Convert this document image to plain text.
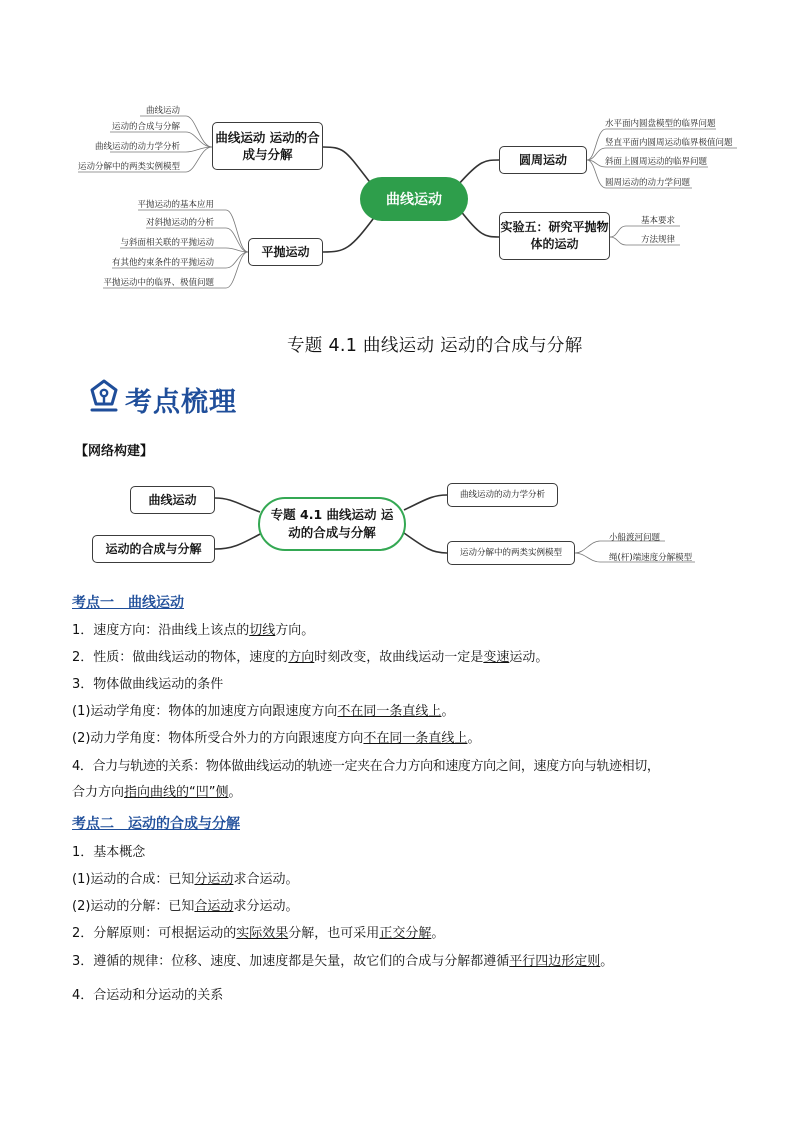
曲线运动
曲线运动 运动的合成与分解
平抛运动
圆周运动
实验五：研究平抛物体的运动
曲线运动
运动的合成与分解
曲线运动的动力学分析
运动分解中的两类实例模型
平抛运动的基本应用
对斜抛运动的分析
与斜面相关联的平抛运动
有其他约束条件的平抛运动
平抛运动中的临界、极值问题
水平面内圆盘模型的临界问题
竖直平面内圆周运动临界极值问题
斜面上圆周运动的临界问题
圆周运动的动力学问题
基本要求
方法规律
专题 4.1 曲线运动 运动的合成与分解
考点梳理
【网络构建】
曲线运动
运动的合成与分解
专题 4.1 曲线运动 运动的合成与分解
曲线运动的动力学分析
运动分解中的两类实例模型
小船渡河问题
绳(杆)端速度分解模型
考点一　曲线运动
1．速度方向：沿曲线上该点的切线方向。
2．性质：做曲线运动的物体，速度的方向时刻改变，故曲线运动一定是变速运动。
3．物体做曲线运动的条件
(1)运动学角度：物体的加速度方向跟速度方向不在同一条直线上。
(2)动力学角度：物体所受合外力的方向跟速度方向不在同一条直线上。
4．合力与轨迹的关系：物体做曲线运动的轨迹一定夹在合力方向和速度方向之间，速度方向与轨迹相切，
合力方向指向曲线的“凹”侧。
考点二　运动的合成与分解
1．基本概念
(1)运动的合成：已知分运动求合运动。
(2)运动的分解：已知合运动求分运动。
2．分解原则：可根据运动的实际效果分解，也可采用正交分解。
3．遵循的规律：位移、速度、加速度都是矢量，故它们的合成与分解都遵循平行四边形定则。
4．合运动和分运动的关系
